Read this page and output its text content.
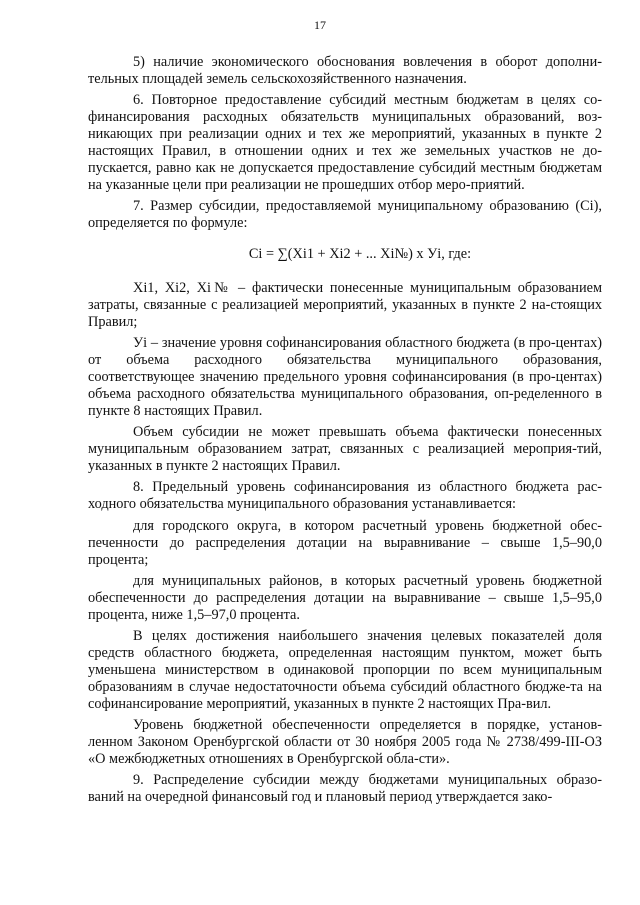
17

5) наличие экономического обоснования вовлечения в оборот дополни-тельных площадей земель сельскохозяйственного назначения.

6. Повторное предоставление субсидий местным бюджетам в целях со-финансирования расходных обязательств муниципальных образований, воз-никающих при реализации одних и тех же мероприятий, указанных в пункте 2 настоящих Правил, в отношении одних и тех же земельных участков не до-пускается, равно как не допускается предоставление субсидий местным бюджетам на указанные цели при реализации не прошедших отбор меро-приятий.

7. Размер субсидии, предоставляемой муниципальному образованию (Ci), определяется по формуле:

Ci = ∑(Xi1 + Xi2 + ... Xi№) х Уi, где:

Xi1, Xi2, Xi№ – фактически понесенные муниципальным образованием затраты, связанные с реализацией мероприятий, указанных в пункте 2 на-стоящих Правил;

Уi – значение уровня софинансирования областного бюджета (в про-центах) от объема расходного обязательства муниципального образования, соответствующее значению предельного уровня софинансирования (в про-центах) объема расходного обязательства муниципального образования, оп-ределенного в пункте 8 настоящих Правил.

Объем субсидии не может превышать объема фактически понесенных муниципальным образованием затрат, связанных с реализацией мероприя-тий, указанных в пункте 2 настоящих Правил.

8. Предельный уровень софинансирования из областного бюджета рас-ходного обязательства муниципального образования устанавливается:

для городского округа, в котором расчетный уровень бюджетной обес-печенности до распределения дотации на выравнивание – свыше 1,5–90,0 процента;

для муниципальных районов, в которых расчетный уровень бюджетной обеспеченности до распределения дотации на выравнивание – свыше 1,5–95,0 процента, ниже 1,5–97,0 процента.

В целях достижения наибольшего значения целевых показателей доля средств областного бюджета, определенная настоящим пунктом, может быть уменьшена министерством в одинаковой пропорции по всем муниципальным образованиям в случае недостаточности объема субсидий областного бюдже-та на софинансирование мероприятий, указанных в пункте 2 настоящих Пра-вил.

Уровень бюджетной обеспеченности определяется в порядке, установ-ленном Законом Оренбургской области от 30 ноября 2005 года № 2738/499-III-ОЗ «О межбюджетных отношениях в Оренбургской обла-сти».

9. Распределение субсидии между бюджетами муниципальных образо-ваний на очередной финансовый год и плановый период утверждается зако-
